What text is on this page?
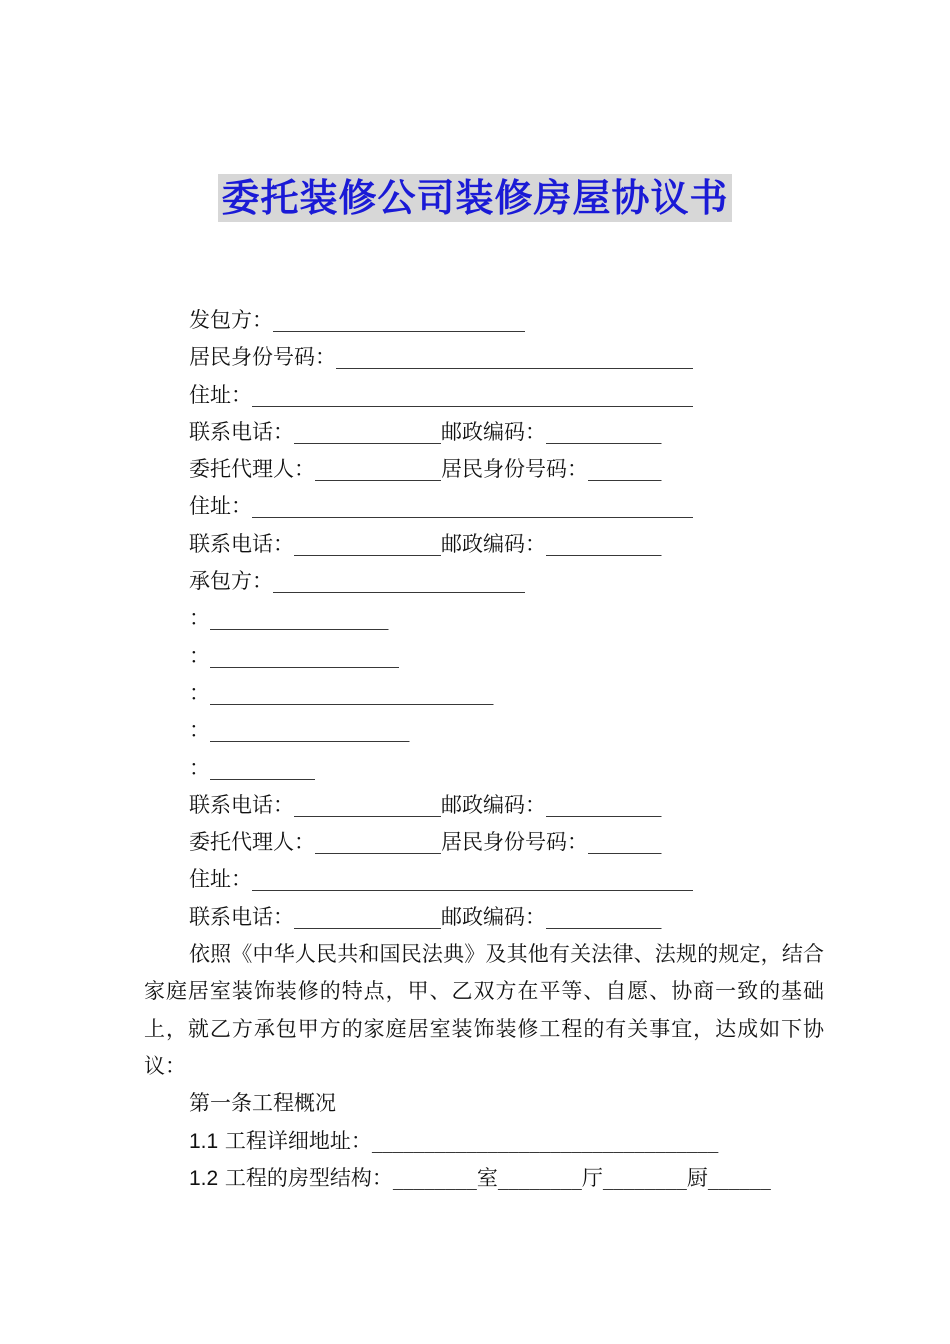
委托装修公司装修房屋协议书
发包方：________________________
居民身份号码：__________________________________
住址：__________________________________________
联系电话：______________邮政编码：___________
委托代理人：____________居民身份号码：_______
住址：__________________________________________
联系电话：______________邮政编码：___________
承包方：________________________
：_________________
：__________________
：___________________________
：___________________
：__________
联系电话：______________邮政编码：___________
委托代理人：____________居民身份号码：_______
住址：__________________________________________
联系电话：______________邮政编码：___________
依照《中华人民共和国民法典》及其他有关法律、法规的规定，结合家庭居室装饰装修的特点，甲、乙双方在平等、自愿、协商一致的基础上，就乙方承包甲方的家庭居室装饰装修工程的有关事宜，达成如下协议：
第一条工程概况
1.1 工程详细地址：_________________________________
1.2 工程的房型结构：________室________厅________厨______
